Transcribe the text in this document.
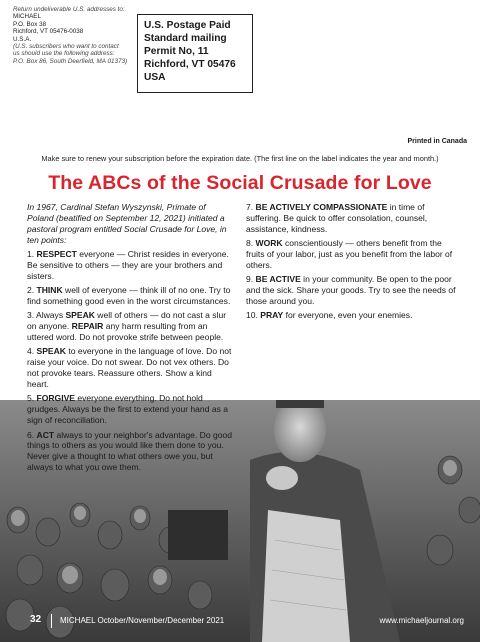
Return undeliverable U.S. addresses to:
MICHAEL
P.O. Box 38
Richford, VT 05476-0038
U.S.A.
(U.S. subscribers who want to contact
us should use the following address:
P.O. Box 86, South Deerfield, MA 01373)
U.S. Postage Paid
Standard mailing
Permit No, 11
Richford, VT 05476
USA
Printed in Canada
Make sure to renew your subscription before the expiration date. (The first line on the label indicates the year and month.)
The ABCs of the Social Crusade for Love

In 1967, Cardinal Stefan Wyszynski, Primate of Poland (beatified on September 12, 2021) initiated a pastoral program entitled Social Crusade for Love, in ten points:

1. RESPECT everyone — Christ resides in everyone. Be sensitive to others — they are your brothers and sisters.

2. THINK well of everyone — think ill of no one. Try to find something good even in the worst circumstances.

3. Always SPEAK well of others — do not cast a slur on anyone. REPAIR any harm resulting from an uttered word. Do not provoke strife between people.

4. SPEAK to everyone in the language of love. Do not raise your voice. Do not swear. Do not vex others. Do not provoke tears. Reassure others. Show a kind heart.

5. FORGIVE everyone everything. Do not hold grudges. Always be the first to extend your hand as a sign of reconciliation.

6. ACT always to your neighbor's advantage. Do good things to others as you would like them done to you. Never give a thought to what others owe you, but always to what you owe them.

7. BE ACTIVELY COMPASSIONATE in time of suffering. Be quick to offer consolation, counsel, assistance, kindness.

8. WORK conscientiously — others benefit from the fruits of your labor, just as you benefit from the labor of others.

9. BE ACTIVE in your community. Be open to the poor and the sick. Share your goods. Try to see the needs of those around you.

10. PRAY for everyone, even your enemies.

32 MICHAEL October/November/December 2021	www.michaeljournal.org
